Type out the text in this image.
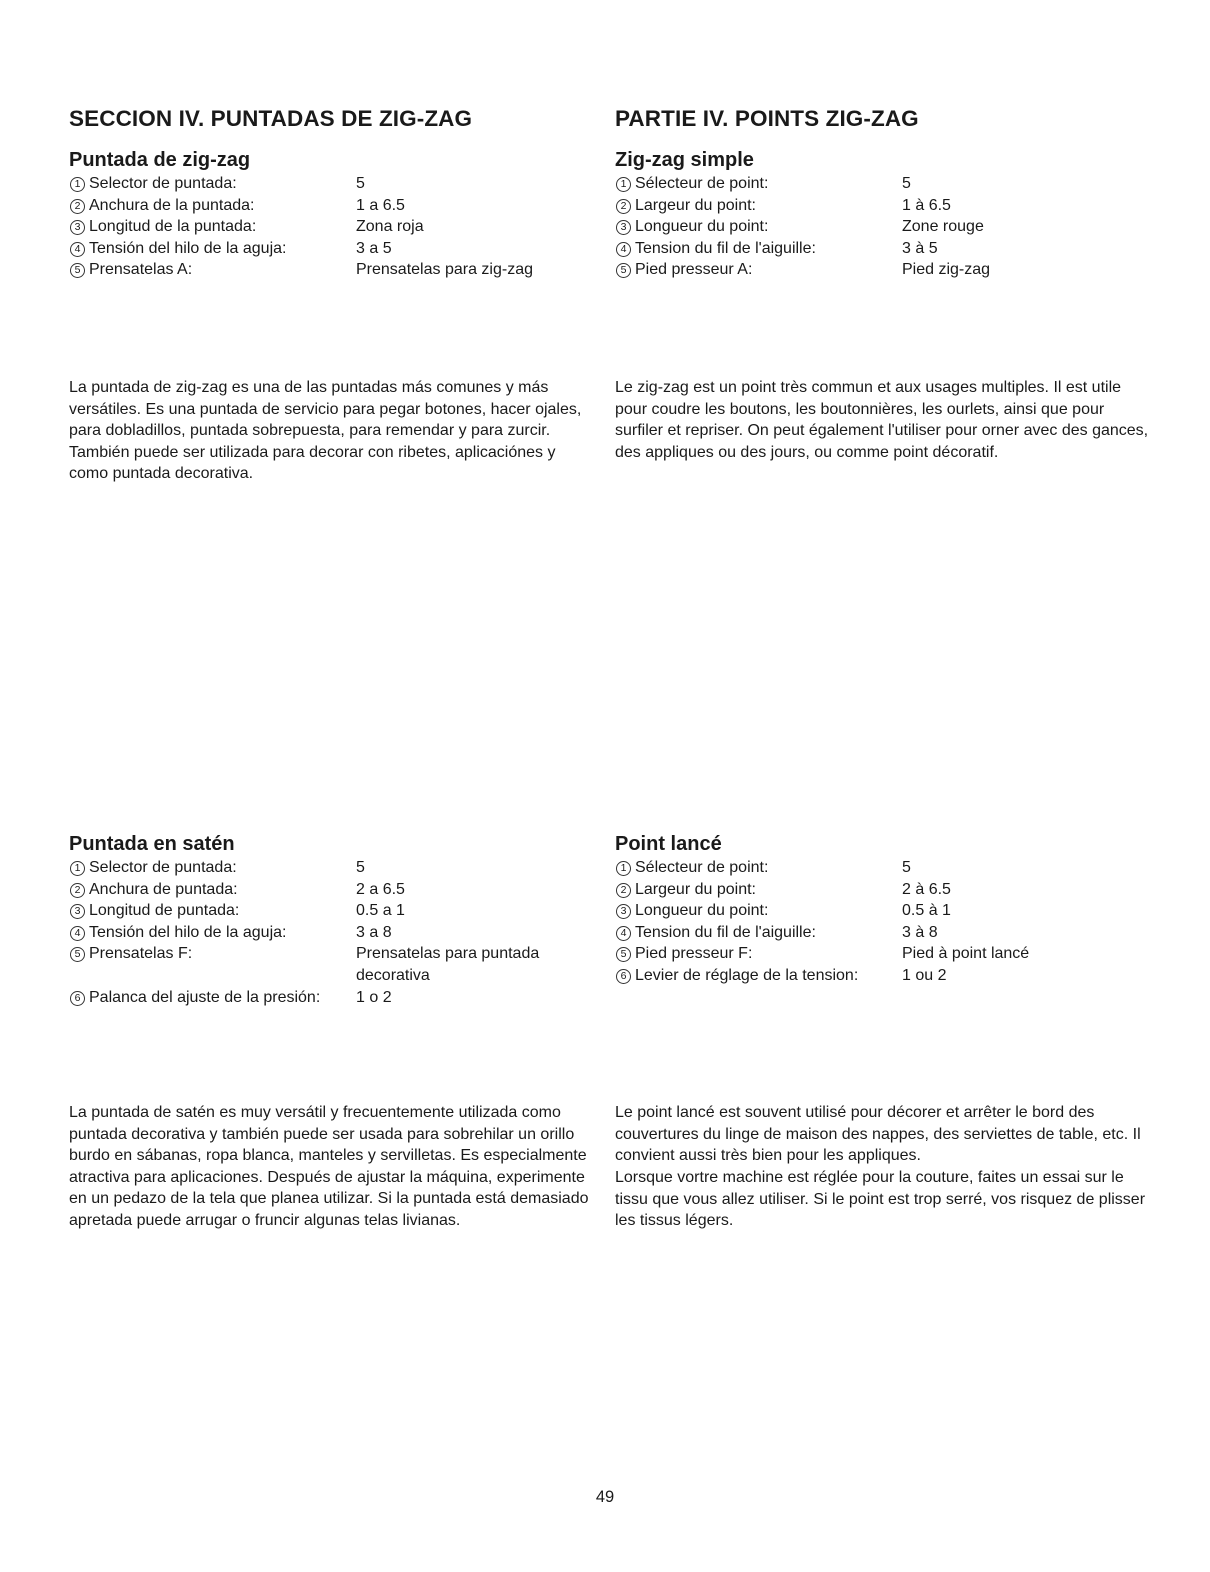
SECCION IV. PUNTADAS DE ZIG-ZAG
Puntada de zig-zag
1 Selector de puntada:	5
2 Anchura de la puntada:	1 a 6.5
3 Longitud de la puntada:	Zona roja
4 Tensión del hilo de la aguja:	3 a 5
5 Prensatelas A:	Prensatelas para zig-zag

La puntada de zig-zag es una de las puntadas más comunes y más versátiles. Es una puntada de servicio para pegar botones, hacer ojales, para dobladillos, puntada sobrepuesta, para remendar y para zurcir. También puede ser utilizada para decorar con ribetes, aplicaciónes y como puntada decorativa.

Puntada en satén
1 Selector de puntada:	5
2 Anchura de puntada:	2 a 6.5
3 Longitud de puntada:	0.5 a 1
4 Tensión del hilo de la aguja:	3 a 8
5 Prensatelas F:	Prensatelas para puntada decorativa
6 Palanca del ajuste de la presión: 1 o 2

La puntada de satén es muy versátil y frecuentemente utilizada como puntada decorativa y también puede ser usada para sobrehilar un orillo burdo en sábanas, ropa blanca, manteles y servilletas. Es especialmente atractiva para aplicaciones. Después de ajustar la máquina, experimente en un pedazo de la tela que planea utilizar. Si la puntada está demasiado apretada puede arrugar o fruncir algunas telas livianas.

PARTIE IV. POINTS ZIG-ZAG
Zig-zag simple
1 Sélecteur de point:	5
2 Largeur du point:	1 à 6.5
3 Longueur du point:	Zone rouge
4 Tension du fil de l'aiguille:	3 à 5
5 Pied presseur A:	Pied zig-zag

Le zig-zag est un point très commun et aux usages multiples. Il est utile pour coudre les boutons, les boutonnières, les ourlets, ainsi que pour surfiler et repriser. On peut également l'utiliser pour orner avec des gances, des appliques ou des jours, ou comme point décoratif.

Point lancé
1 Sélecteur de point:	5
2 Largeur du point:	2 à 6.5
3 Longueur du point:	0.5 à 1
4 Tension du fil de l'aiguille:	3 à 8
5 Pied presseur F:	Pied à point lancé
6 Levier de réglage de la tension:	1 ou 2

Le point lancé est souvent utilisé pour décorer et arrêter le bord des couvertures du linge de maison des nappes, des serviettes de table, etc. Il convient aussi très bien pour les appliques.

Lorsque vortre machine est réglée pour la couture, faites un essai sur le tissu que vous allez utiliser. Si le point est trop serré, vos risquez de plisser les tissus légers.

49
